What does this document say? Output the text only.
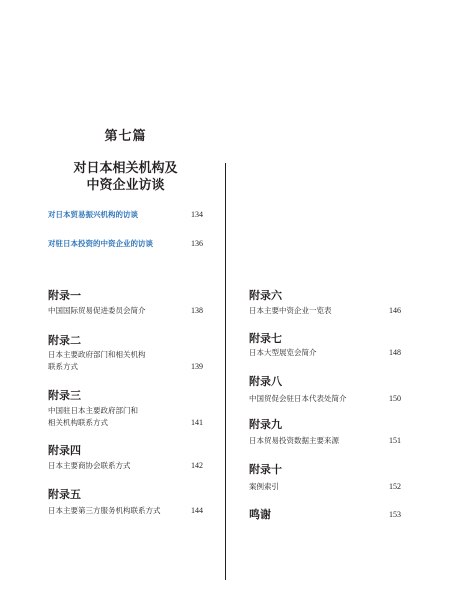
第七篇
对日本相关机构及
中资企业访谈
对日本贸易振兴机构的访谈	134
对驻日本投资的中资企业的访谈	136
附录一
中国国际贸易促进委员会简介	138
附录二
日本主要政府部门和相关机构
联系方式	139
附录三
中国驻日本主要政府部门和
相关机构联系方式	141
附录四
日本主要商协会联系方式	142
附录五
日本主要第三方服务机构联系方式	144
附录六
日本主要中资企业一览表	146
附录七
日本大型展览会简介	148
附录八
中国贸促会驻日本代表处简介	150
附录九
日本贸易投资数据主要来源	151
附录十
案例索引	152
鸣谢	153
